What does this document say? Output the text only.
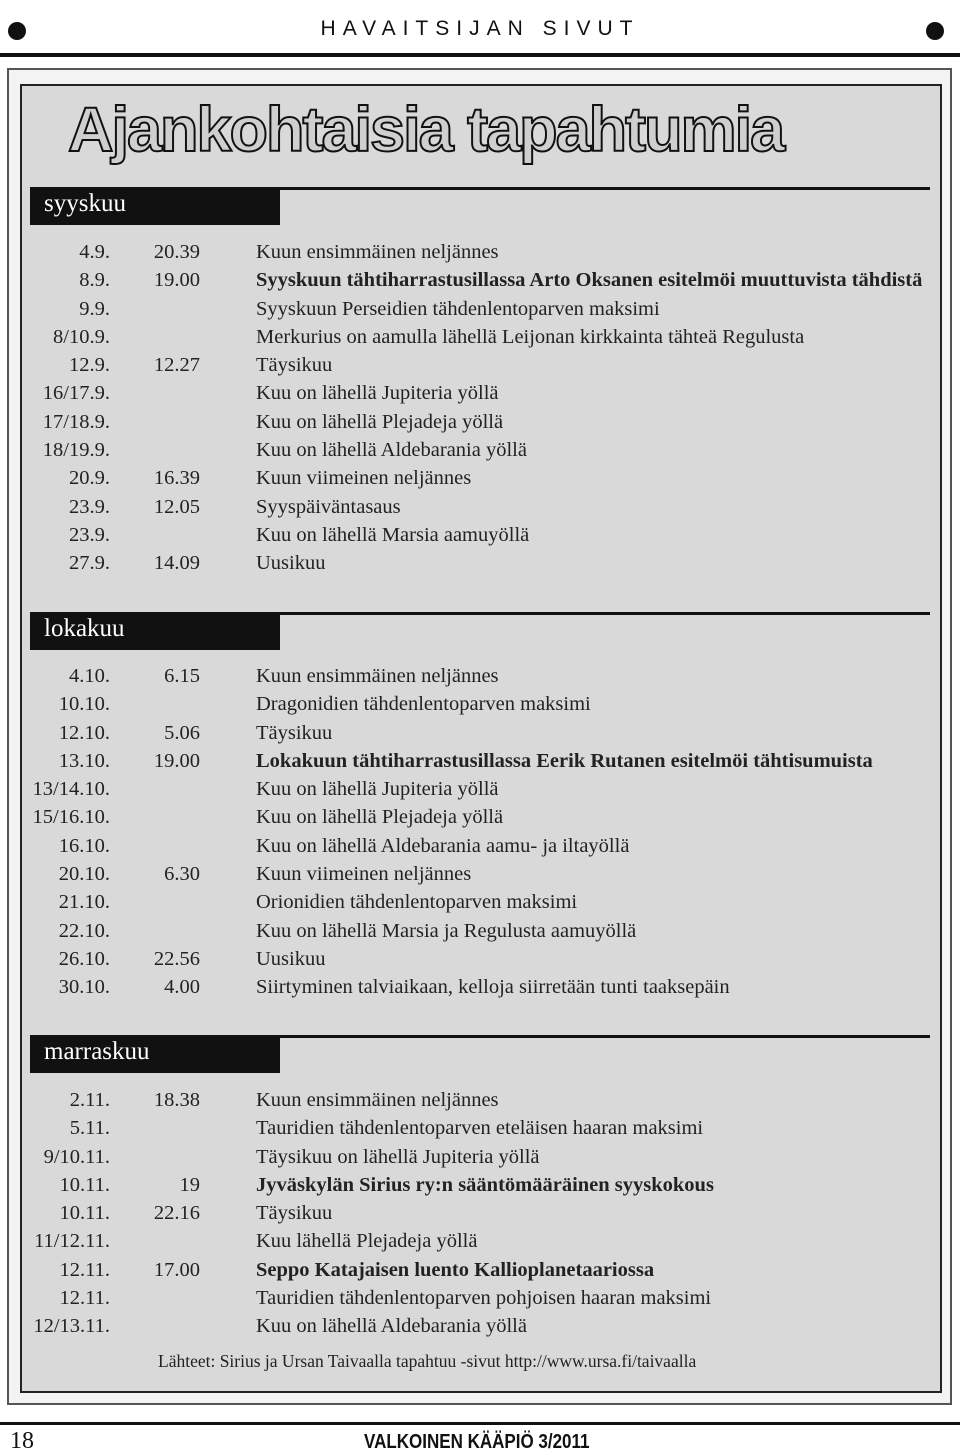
HAVAITSIJAN SIVUT
Ajankohtaisia tapahtumia
syyskuu
4.9.	20.39	Kuun ensimmäinen neljännes
8.9.	19.00	Syyskuun tähtiharrastusillassa Arto Oksanen esitelmöi muuttuvista tähdistä
9.9.	Syyskuun Perseidien tähdenlentoparven maksimi
8/10.9.	Merkurius on aamulla lähellä Leijonan kirkkainta tähteä Regulusta
12.9.	12.27	Täysikuu
16/17.9.	Kuu on lähellä Jupiteria yöllä
17/18.9.	Kuu on lähellä Plejadeja yöllä
18/19.9.	Kuu on lähellä Aldebarania yöllä
20.9.	16.39	Kuun viimeinen neljännes
23.9.	12.05	Syyspäiväntasaus
23.9.	Kuu on lähellä Marsia aamuyöllä
27.9.	14.09	Uusikuu
lokakuu
4.10.	6.15	Kuun ensimmäinen neljännes
10.10.	Dragonidien tähdenlentoparven maksimi
12.10.	5.06	Täysikuu
13.10.	19.00	Lokakuun tähtiharrastusillassa Eerik Rutanen esitelmöi tähtisumuista
13/14.10.	Kuu on lähellä Jupiteria yöllä
15/16.10.	Kuu on lähellä Plejadeja yöllä
16.10.	Kuu on lähellä Aldebarania aamu- ja iltayöllä
20.10.	6.30	Kuun viimeinen neljännes
21.10.	Orionidien tähdenlentoparven maksimi
22.10.	Kuu on lähellä Marsia ja Regulusta aamuyöllä
26.10.	22.56	Uusikuu
30.10.	4.00	Siirtyminen talviaikaan, kelloja siirretään tunti taaksepäin
marraskuu
2.11.	18.38	Kuun ensimmäinen neljännes
5.11.	Tauridien tähdenlentoparven eteläisen haaran maksimi
9/10.11.	Täysikuu on lähellä Jupiteria yöllä
10.11.	19	Jyväskylän Sirius ry:n sääntömääräinen syyskokous
10.11.	22.16	Täysikuu
11/12.11.	Kuu lähellä Plejadeja yöllä
12.11.	17.00	Seppo Katajaisen luento Kallioplanetaariossa
12.11.	Tauridien tähdenlentoparven pohjoisen haaran maksimi
12/13.11.	Kuu on lähellä Aldebarania yöllä
Lähteet: Sirius ja Ursan Taivaalla tapahtuu -sivut http://www.ursa.fi/taivaalla
18	VALKOINEN KÄÄPIÖ 3/2011
